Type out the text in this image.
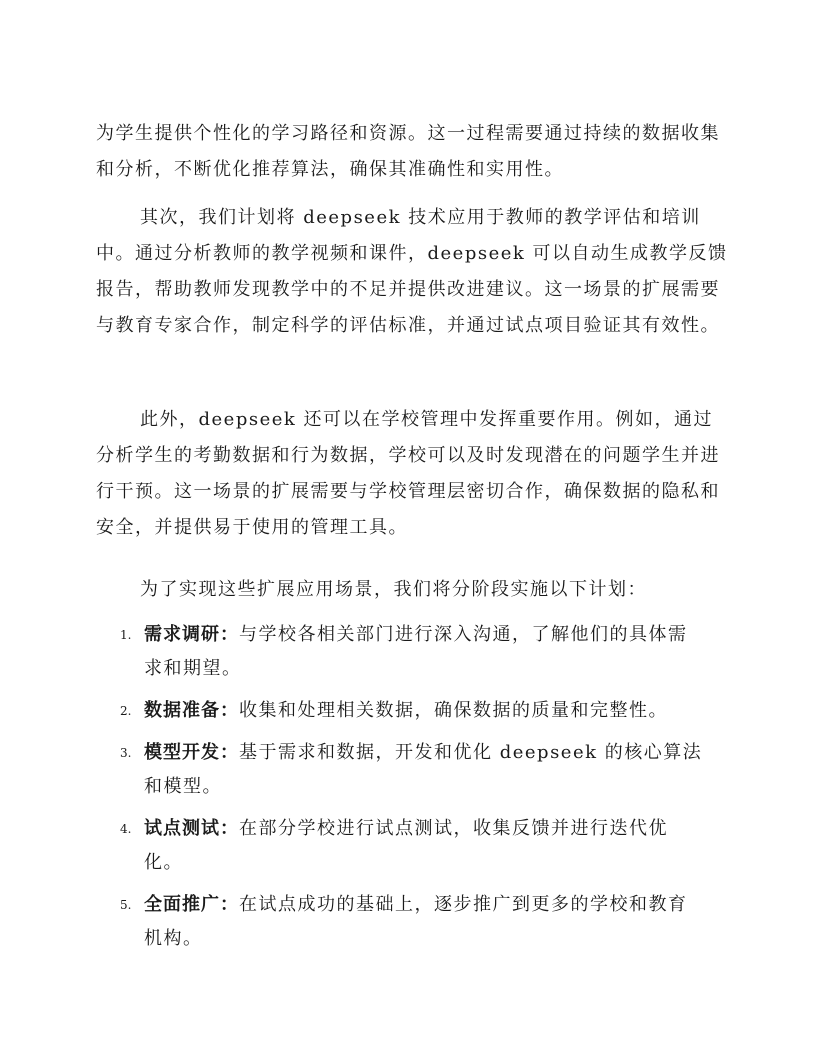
为学生提供个性化的学习路径和资源。这一过程需要通过持续的数据收集和分析，不断优化推荐算法，确保其准确性和实用性。

其次，我们计划将 deepseek 技术应用于教师的教学评估和培训中。通过分析教师的教学视频和课件，deepseek 可以自动生成教学反馈报告，帮助教师发现教学中的不足并提供改进建议。这一场景的扩展需要与教育专家合作，制定科学的评估标准，并通过试点项目验证其有效性。

此外，deepseek 还可以在学校管理中发挥重要作用。例如，通过分析学生的考勤数据和行为数据，学校可以及时发现潜在的问题学生并进行干预。这一场景的扩展需要与学校管理层密切合作，确保数据的隐私和安全，并提供易于使用的管理工具。

为了实现这些扩展应用场景，我们将分阶段实施以下计划：

1. 需求调研：与学校各相关部门进行深入沟通，了解他们的具体需求和期望。
2. 数据准备：收集和处理相关数据，确保数据的质量和完整性。
3. 模型开发：基于需求和数据，开发和优化 deepseek 的核心算法和模型。
4. 试点测试：在部分学校进行试点测试，收集反馈并进行迭代优化。
5. 全面推广：在试点成功的基础上，逐步推广到更多的学校和教育机构。
